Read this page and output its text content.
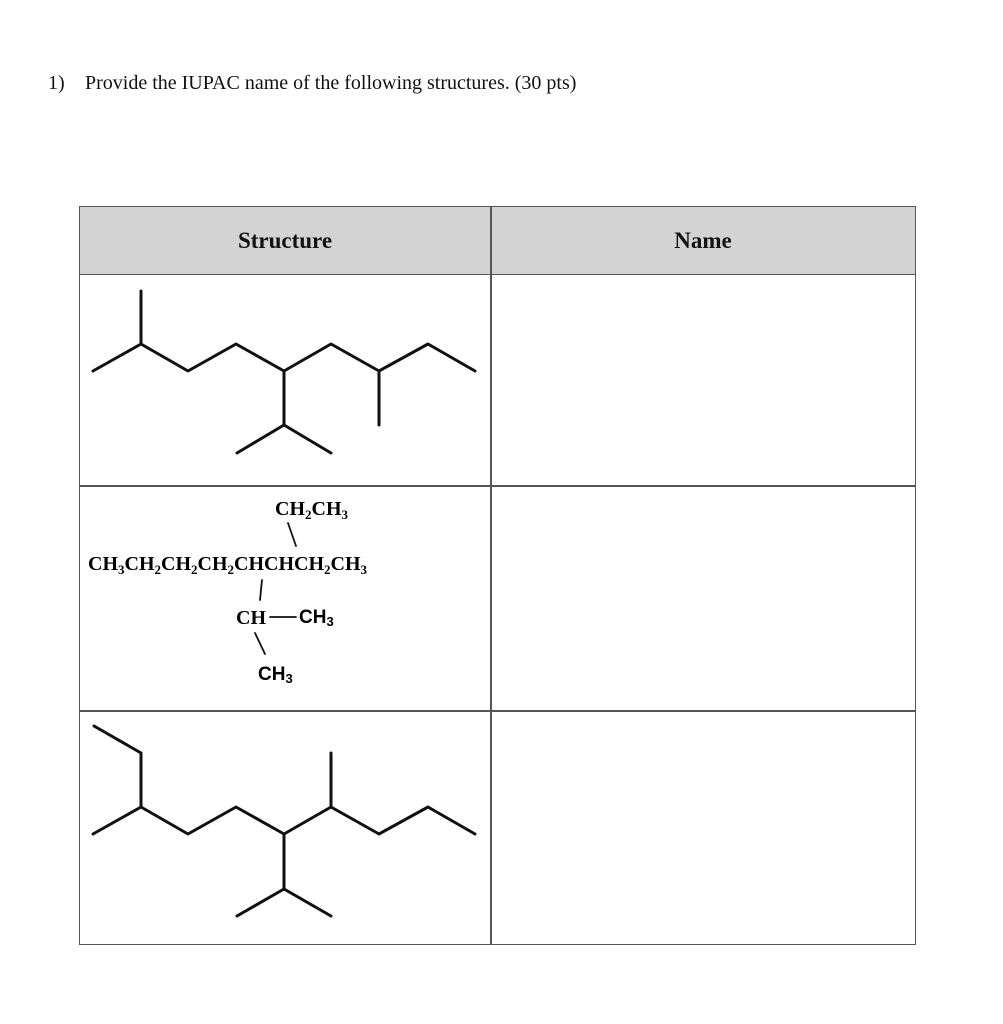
1) Provide the IUPAC name of the following structures. (30 pts)
Structure	Name
$CH_2CH_3$
$CH_3CH_2CH_2CH_2CHCHCH_2CH_3$
CH CH3
CH3
